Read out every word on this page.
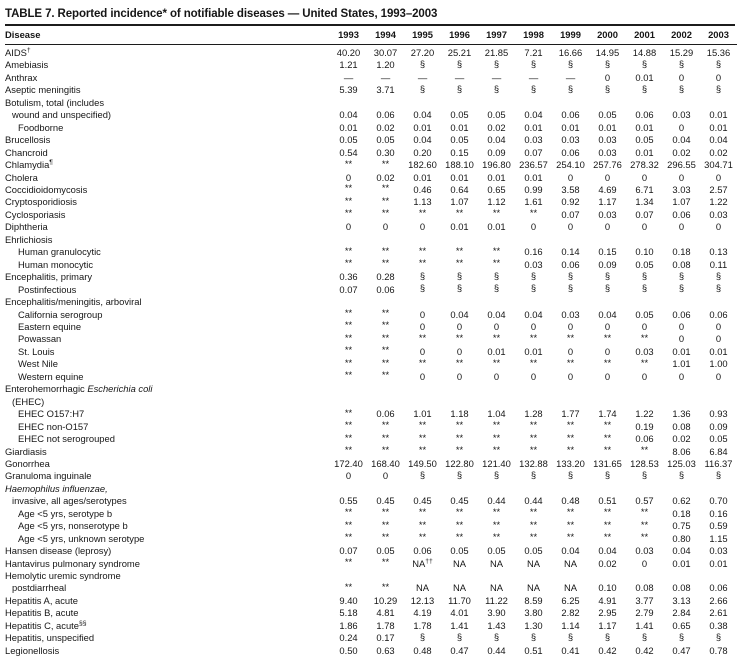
TABLE 7. Reported incidence* of notifiable diseases — United States, 1993–2003
Disease	1993	1994	1995	1996	1997	1998	1999	2000	2001	2002	2003

AIDS†	40.20	30.07	27.20	25.21	21.85	7.21	16.66	14.95	14.88	15.29	15.36

Amebiasis	1.21	1.20	§	§	§	§	§	§	§	§	§

Anthrax	—	—	—	—	—	—	—	0	0.01	0	0

Aseptic meningitis	5.39	3.71	§	§	§	§	§	§	§	§	§

Botulism, total (includes
wound and unspecified)	0.04	0.06	0.04	0.05	0.05	0.04	0.06	0.05	0.06	0.03	0.01

Foodborne	0.01	0.02	0.01	0.01	0.02	0.01	0.01	0.01	0.01	0	0.01

Brucellosis	0.05	0.05	0.04	0.05	0.04	0.03	0.03	0.03	0.05	0.04	0.04

Chancroid	0.54	0.30	0.20	0.15	0.09	0.07	0.06	0.03	0.01	0.02	0.02

Chlamydia¶	**	**	182.60	188.10	196.80	236.57	254.10	257.76	278.32	296.55	304.71

Cholera	0	0.02	0.01	0.01	0.01	0.01	0	0	0	0	0

Coccidioidomycosis	**	**	0.46	0.64	0.65	0.99	3.58	4.69	6.71	3.03	2.57

Cryptosporidiosis	**	**	1.13	1.07	1.12	1.61	0.92	1.17	1.34	1.07	1.22

Cyclosporiasis	**	**	**	**	**	**	0.07	0.03	0.07	0.06	0.03

Diphtheria	0	0	0	0.01	0.01	0	0	0	0	0	0

Ehrlichiosis											

Human granulocytic	**	**	**	**	**	0.16	0.14	0.15	0.10	0.18	0.13

Human monocytic	**	**	**	**	**	0.03	0.06	0.09	0.05	0.08	0.11

Encephalitis, primary	0.36	0.28	§	§	§	§	§	§	§	§	§

Postinfectious	0.07	0.06	§	§	§	§	§	§	§	§	§

Encephalitis/meningitis, arboviral											

California serogroup	**	**	0	0.04	0.04	0.04	0.03	0.04	0.05	0.06	0.06

Eastern equine	**	**	0	0	0	0	0	0	0	0	0

Powassan	**	**	**	**	**	**	**	**	**	0	0

St. Louis	**	**	0	0	0.01	0.01	0	0	0.03	0.01	0.01

West Nile	**	**	**	**	**	**	**	**	**	1.01	1.00

Western equine	**	**	0	0	0	0	0	0	0	0	0

Enterohemorrhagic Escherichia coli
(EHEC)											

EHEC O157:H7	**	0.06	1.01	1.18	1.04	1.28	1.77	1.74	1.22	1.36	0.93

EHEC non-O157	**	**	**	**	**	**	**	**	0.19	0.08	0.09

EHEC not serogrouped	**	**	**	**	**	**	**	**	0.06	0.02	0.05

Giardiasis	**	**	**	**	**	**	**	**	**	8.06	6.84

Gonorrhea	172.40	168.40	149.50	122.80	121.40	132.88	133.20	131.65	128.53	125.03	116.37

Granuloma inguinale	0	0	§	§	§	§	§	§	§	§	§

Haemophilus influenzae,
invasive, all ages/serotypes	0.55	0.45	0.45	0.45	0.44	0.44	0.48	0.51	0.57	0.62	0.70

Age <5 yrs, serotype b	**	**	**	**	**	**	**	**	**	0.18	0.16

Age <5 yrs, nonserotype b	**	**	**	**	**	**	**	**	**	0.75	0.59

Age <5 yrs, unknown serotype	**	**	**	**	**	**	**	**	**	0.80	1.15

Hansen disease (leprosy)	0.07	0.05	0.06	0.05	0.05	0.05	0.04	0.04	0.03	0.04	0.03

Hantavirus pulmonary syndrome	**	**	NA††	NA	NA	NA	NA	0.02	0	0.01	0.01

Hemolytic uremic syndrome
postdiarrheal	**	**	NA	NA	NA	NA	NA	0.10	0.08	0.08	0.06

Hepatitis A, acute	9.40	10.29	12.13	11.70	11.22	8.59	6.25	4.91	3.77	3.13	2.66

Hepatitis B, acute	5.18	4.81	4.19	4.01	3.90	3.80	2.82	2.95	2.79	2.84	2.61

Hepatitis C, acute§§	1.86	1.78	1.78	1.41	1.43	1.30	1.14	1.17	1.41	0.65	0.38

Hepatitis, unspecified	0.24	0.17	§	§	§	§	§	§	§	§	§

Legionellosis	0.50	0.63	0.48	0.47	0.44	0.51	0.41	0.42	0.42	0.47	0.78
